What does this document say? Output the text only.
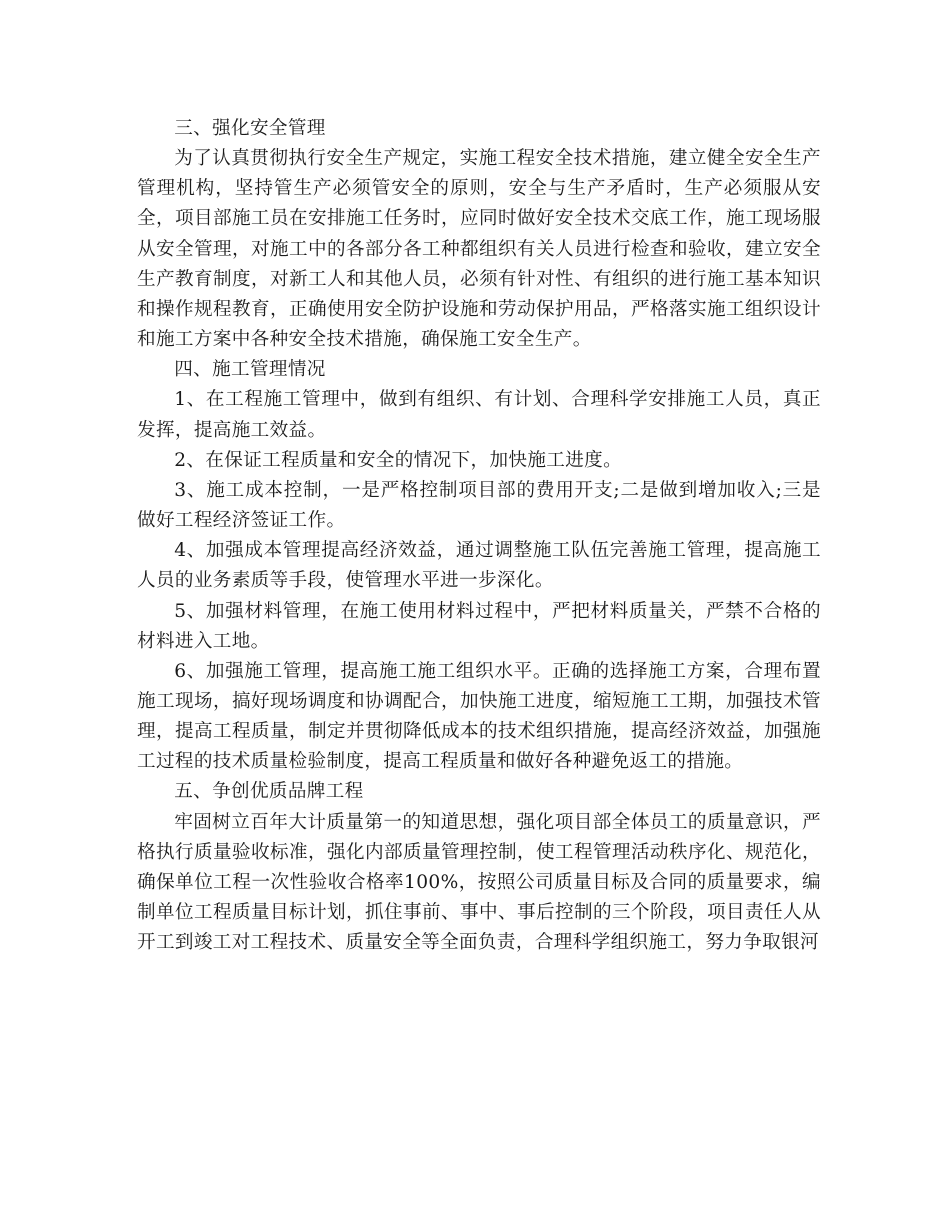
三、强化安全管理

为了认真贯彻执行安全生产规定，实施工程安全技术措施，建立健全安全生产管理机构，坚持管生产必须管安全的原则，安全与生产矛盾时，生产必须服从安全，项目部施工员在安排施工任务时，应同时做好安全技术交底工作，施工现场服从安全管理，对施工中的各部分各工种都组织有关人员进行检查和验收，建立安全生产教育制度，对新工人和其他人员，必须有针对性、有组织的进行施工基本知识和操作规程教育，正确使用安全防护设施和劳动保护用品，严格落实施工组织设计和施工方案中各种安全技术措施，确保施工安全生产。

四、施工管理情况

1、在工程施工管理中，做到有组织、有计划、合理科学安排施工人员，真正发挥，提高施工效益。

2、在保证工程质量和安全的情况下，加快施工进度。

3、施工成本控制，一是严格控制项目部的费用开支;二是做到增加收入;三是做好工程经济签证工作。

4、加强成本管理提高经济效益，通过调整施工队伍完善施工管理，提高施工人员的业务素质等手段，使管理水平进一步深化。

5、加强材料管理，在施工使用材料过程中，严把材料质量关，严禁不合格的材料进入工地。

6、加强施工管理，提高施工施工组织水平。正确的选择施工方案，合理布置施工现场，搞好现场调度和协调配合，加快施工进度，缩短施工工期，加强技术管理，提高工程质量，制定并贯彻降低成本的技术组织措施，提高经济效益，加强施工过程的技术质量检验制度，提高工程质量和做好各种避免返工的措施。

五、争创优质品牌工程

牢固树立百年大计质量第一的知道思想，强化项目部全体员工的质量意识，严格执行质量验收标准，强化内部质量管理控制，使工程管理活动秩序化、规范化，确保单位工程一次性验收合格率100%，按照公司质量目标及合同的质量要求，编制单位工程质量目标计划，抓住事前、事中、事后控制的三个阶段，项目责任人从开工到竣工对工程技术、质量安全等全面负责，合理科学组织施工，努力争取银河
